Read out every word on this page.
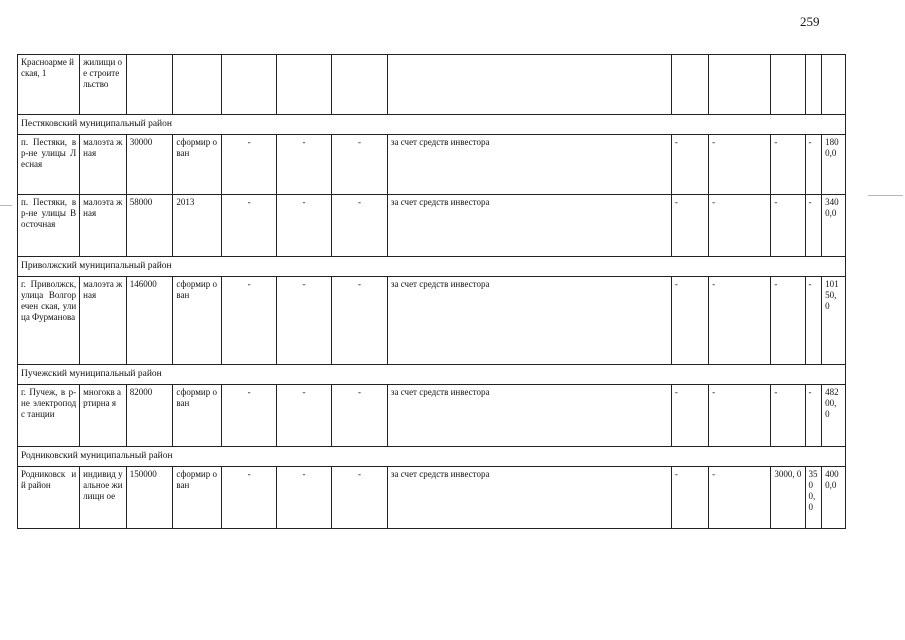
259
Красноарме йская, 1	жилищи ое строите льство											
Пестяковский муниципальный район												
п. Пестяки, в р-не улицы Лесная	малоэта жная	30000	сформир ован	-	-	-	за счет средств инвестора	-	-	-	-	180 0,0
п. Пестяки, в р-не улицы Восточная	малоэта жная	58000	2013	-	-	-	за счет средств инвестора	-	-	-	-	340 0,0
Приволжский муниципальный район												
г. Приволжск, улица Волгоречен ская, улица Фурманова	малоэта жная	146000	сформир ован	-	-	-	за счет средств инвестора	-	-	-	-	101 50, 0
Пучежский муниципальный район												
г. Пучеж, в р-не электроподс танции	многокв артирна я	82000	сформир ован	-	-	-	за счет средств инвестора	-	-	-	-	482 00, 0
Родниковский муниципальный район												
Родниковск ий район	индивид уальное жилищн ое	150000	сформир ован	-	-	-	за счет средств инвестора	-	-	3000, 0	350 0,0	400 0,0
